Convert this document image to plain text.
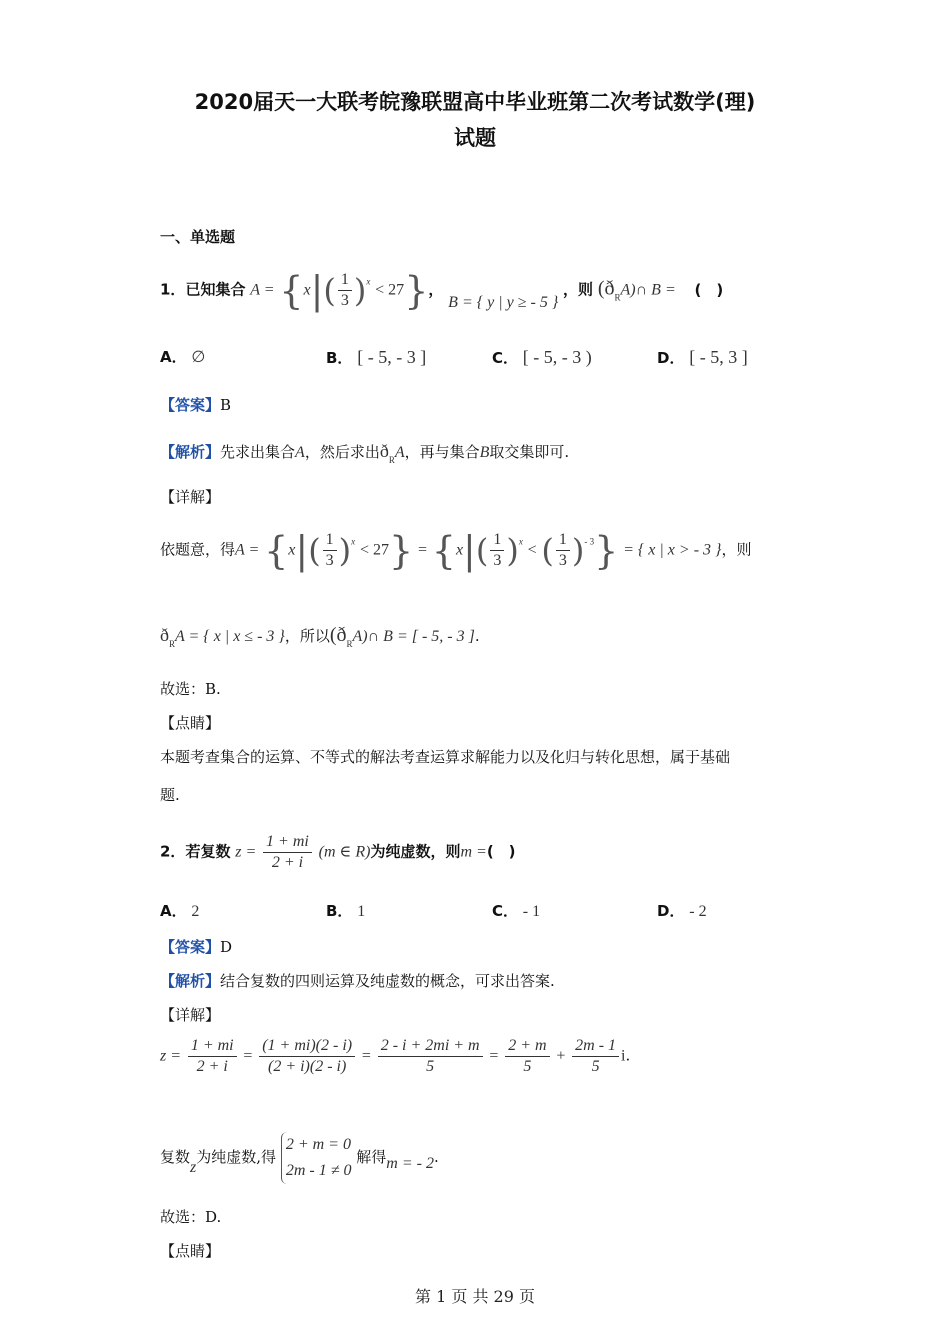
2020届天一大联考皖豫联盟高中毕业班第二次考试数学(理)
试题
一、单选题
1．已知集合 $A = \{x|( \frac{1}{3} )^x < 27\}$， B = { y | y ≥ - 5 } ，则 $(ð_RA)\cap$ B = (　)
A． ∅	B． [ - 5, - 3 ]	C． [ - 5, - 3 )	D． [ - 5, 3 ]
【答案】B
【解析】先求出集合A，然后求出$ð_RA$，再与集合B取交集即可.
【详解】
依题意，得$A = \{x|( \frac{1}{3} )^x < 27\} = \{x|( \frac{1}{3} )^x$ < ( $\frac{1}{3} )^{- 3}$} = { x | x > - 3 }，则
$ð_RA$ = { x | x ≤ - 3 }，所以$(ð_RA)\cap$ B = [ - 5, - 3 ].
故选：B.
【点睛】
本题考查集合的运算、不等式的解法考查运算求解能力以及化归与转化思想，属于基础
题.
2．若复数 $z = \frac{1 + mi}{2 + i} (m$ ∈ R)为纯虚数，则m =(　)
A． 2	B． 1	C． - 1	D． - 2
【答案】D
【解析】结合复数的四则运算及纯虚数的概念，可求出答案.
【详解】
$z = \frac{1 + mi}{2 + i} = \frac{(1 + mi)(2 - i)}{(2 + i)(2 - i)} = \frac{2 - i + 2mi + m}{5} = \frac{2 + m}{5} + \frac{2m - 1}{5} i$.
复数z为纯虚数,得
2 + m = 0
2m - 1 ≠ 0
解得m = - 2.
故选：D.
【点睛】
第 1 页 共 29 页
